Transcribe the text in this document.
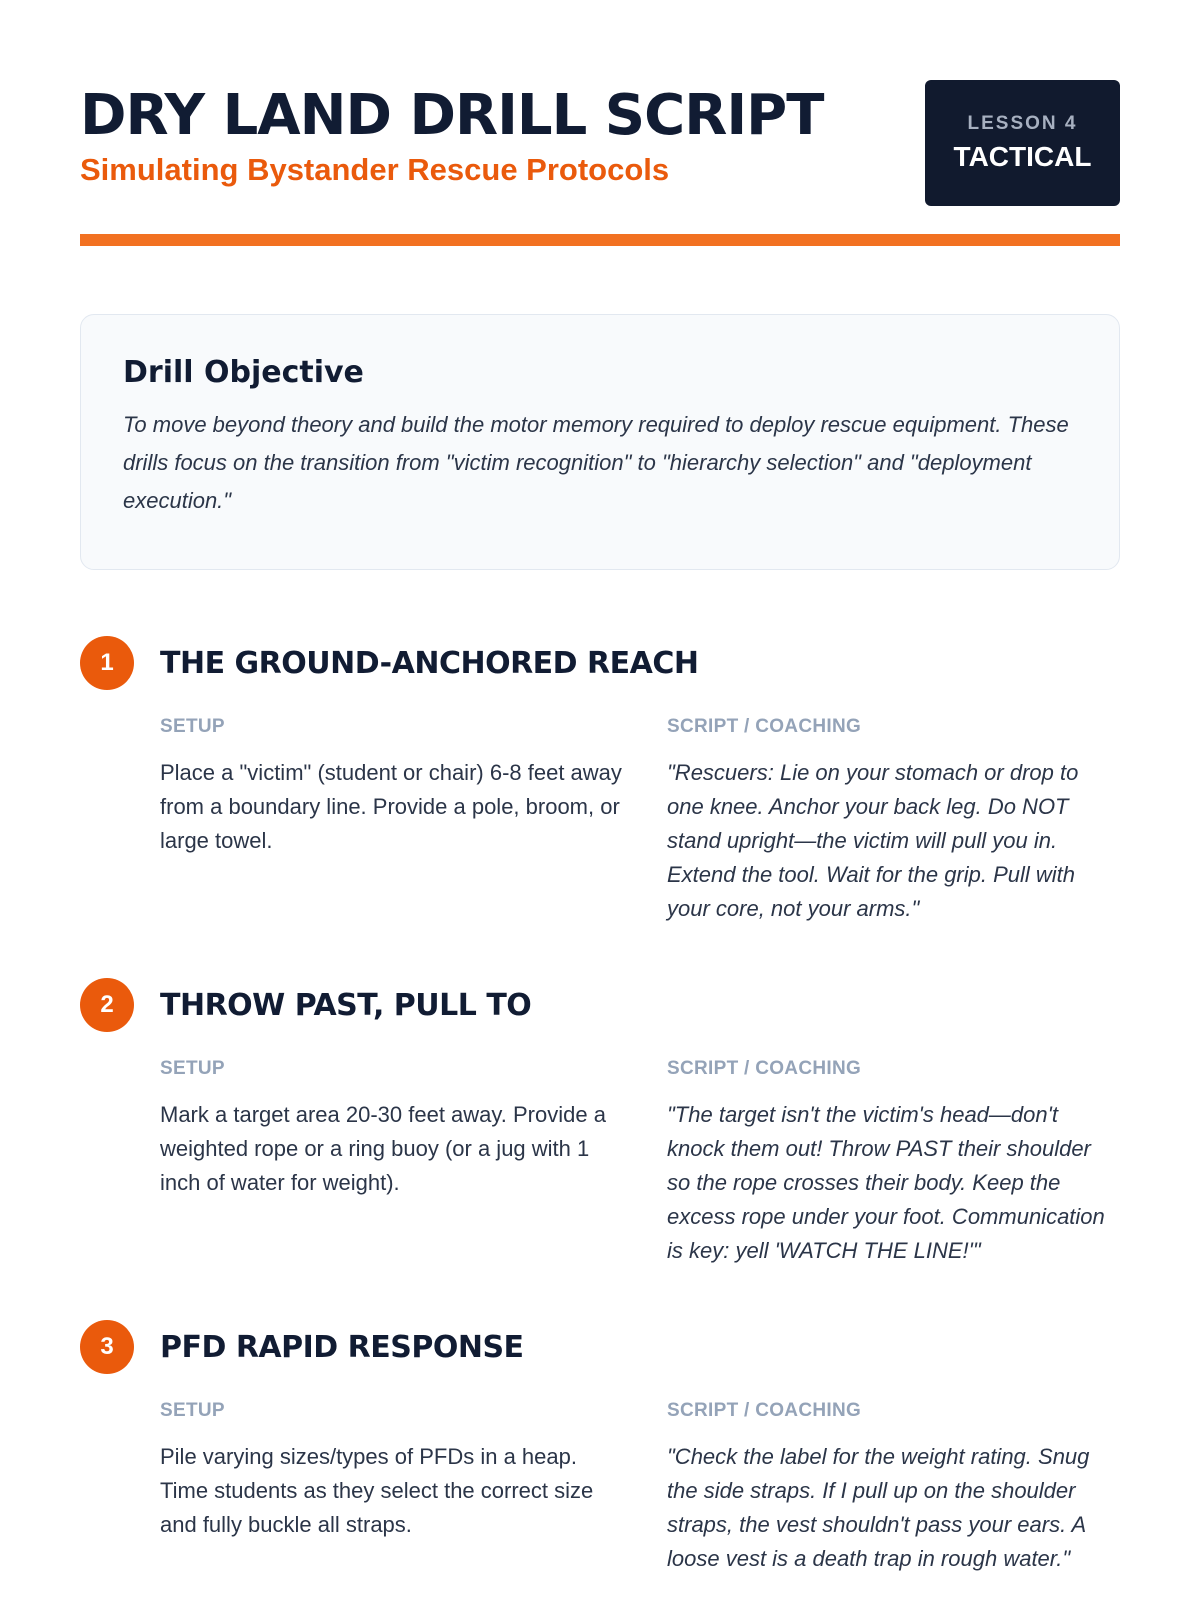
DRY LAND DRILL SCRIPT
Simulating Bystander Rescue Protocols
LESSON 4
TACTICAL
Drill Objective

To move beyond theory and build the motor memory required to deploy rescue equipment. These drills focus on the transition from "victim recognition" to "hierarchy selection" and "deployment execution."

1	THE GROUND-ANCHORED REACH
SETUP

Place a "victim" (student or chair) 6-8 feet away from a boundary line. Provide a pole, broom, or large towel.

SCRIPT / COACHING

"Rescuers: Lie on your stomach or drop to one knee. Anchor your back leg. Do NOT stand upright—the victim will pull you in. Extend the tool. Wait for the grip. Pull with your core, not your arms."

2	THROW PAST, PULL TO
SETUP

Mark a target area 20-30 feet away. Provide a weighted rope or a ring buoy (or a jug with 1 inch of water for weight).

SCRIPT / COACHING

"The target isn't the victim's head—don't knock them out! Throw PAST their shoulder so the rope crosses their body. Keep the excess rope under your foot. Communication is key: yell 'WATCH THE LINE!'"

3	PFD RAPID RESPONSE
SETUP

Pile varying sizes/types of PFDs in a heap. Time students as they select the correct size and fully buckle all straps.

SCRIPT / COACHING

"Check the label for the weight rating. Snug the side straps. If I pull up on the shoulder straps, the vest shouldn't pass your ears. A loose vest is a death trap in rough water."
